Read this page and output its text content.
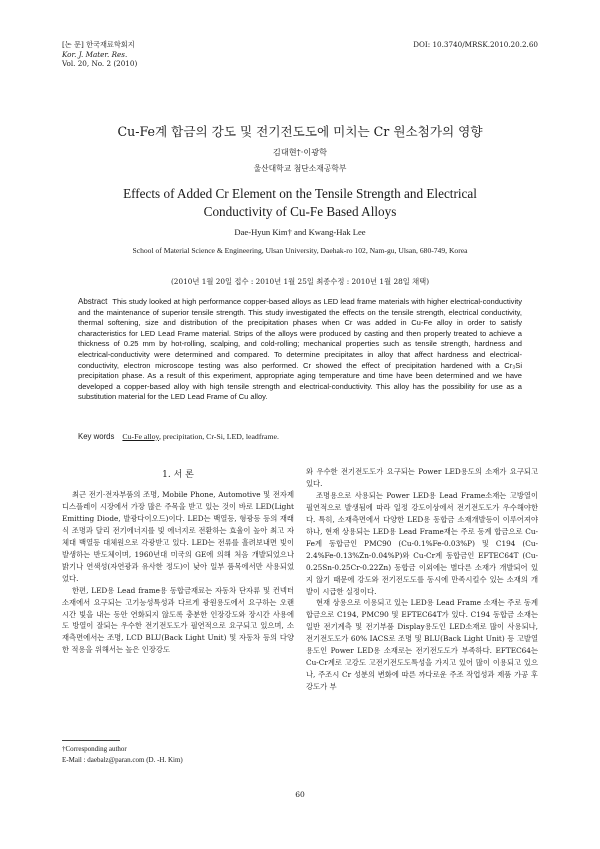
[논 문] 한국재료학회지
Kor. J. Mater. Res.
Vol. 20, No. 2 (2010)
DOI: 10.3740/MRSK.2010.20.2.60
Cu-Fe계 합금의 강도 및 전기전도도에 미치는 Cr 원소첨가의 영향
김대현†·이광학
울산대학교 첨단소재공학부
Effects of Added Cr Element on the Tensile Strength and Electrical
Conductivity of Cu-Fe Based Alloys
Dae-Hyun Kim† and Kwang-Hak Lee
School of Material Science & Engineering, Ulsan University, Daehak-ro 102, Nam-gu, Ulsan, 680-749, Korea
(2010년 1월 20일 접수 : 2010년 1월 25일 최종수정 : 2010년 1월 28일 채택)
Abstract This study looked at high performance copper-based alloys as LED lead frame materials with higher electrical-conductivity and the maintenance of superior tensile strength. This study investigated the effects on the tensile strength, electrical conductivity, thermal softening, size and distribution of the precipitation phases when Cr was added in Cu-Fe alloy in order to satisfy characteristics for LED Lead Frame material. Strips of the alloys were produced by casting and then properly treated to achieve a thickness of 0.25 mm by hot-rolling, scalping, and cold-rolling; mechanical properties such as tensile strength, hardness and electrical-conductivity were determined and compared. To determine precipitates in alloy that affect hardness and electrical-conductivity, electron microscope testing was also performed. Cr showed the effect of precipitation hardened with a Cr₃Si precipitation phase. As a result of this experiment, appropriate aging temperature and time have been determined and we have developed a copper-based alloy with high tensile strength and electrical-conductivity. This alloy has the possibility for use as a substitution material for the LED Lead Frame of Cu alloy.
Key words Cu-Fe alloy, precipitation, Cr-Si, LED, leadframe.
1. 서 론

최근 전기·전자부품의 조명, Mobile Phone, Automotive 및 전자제 디스플레이 시장에서 가장 많은 주목을 받고 있는 것이 바로 LED(Light Emitting Diode, 발광다이오드)이다. LED는 백열등, 형광등 등의 재래식 조명과 달리 전기에너지를 빛 에너지로 전환하는 효율이 높아 최고 자체대 백열등 대체원으로 각광받고 있다. LED는 전류를 흘려보내면 빛이 발생하는 반도체이며, 1960년대 미국의 GE에 의해 처음 개발되었으나 밝기나 연색성(자연광과 유사한 정도)이 낮아 일부 품목에서만 사용되었었다.

한편, LED용 Lead frame용 동합금재료는 자동차 단자류 및 컨넥터소재에서 요구되는 고기능성특성과 다르게 광원용도에서 요구하는 오랜 시간 빛을 내는 동안 연화되지 않도록 충분한 인장강도와 장시간 사용에도 방열이 잘되는 우수한 전기전도도가 필연적으로 요구되고 있으며, 소재측면에서는 조명, LCD BLU(Back Light Unit) 및 자동차 등의 다양한 적용을 위해서는 높은 인장강도

와 우수한 전기전도도가 요구되는 Power LED용도의 소재가 요구되고 있다.

조명용으로 사용되는 Power LED용 Lead Frame소재는 고방열이 필연적으로 발생됨에 따라 일정 강도이상에서 전기전도도가 우수해야한다. 특히, 소재측면에서 다양한 LED용 동합금 소재개발등이 이루어져야하나, 현재 상용되는 LED용 Lead Frame재는 주로 동계 합금으로 Cu-Fe계 동합금인 PMC90 (Cu-0.1%Fe-0.03%P) 및 C194 (Cu-2.4%Fe-0.13%Zn-0.04%P)와 Cu-Cr계 동합금인 EFTEC64T (Cu-0.25Sn-0.25Cr-0.22Zn) 동합금 이외에는 별다른 소재가 개발되어 있지 않기 때문에 강도와 전기전도도를 동시에 만족시킬수 있는 소재의 개발이 시급한 실정이다.

현재 상용으로 이용되고 있는 LED용 Lead Frame 소재는 주로 동계 합금으로 C194, PMC90 및 EFTEC64T가 있다. C194 동합금 소재는 일반 전기계측 및 전기부품 Display용도인 LED소재로 많이 사용되나, 전기전도도가 60% IACS로 조명 및 BLU(Back Light Unit) 등 고발열용도인 Power LED용 소재로는 전기전도도가 부족하다. EFTEC64는 Cu-Cr계로 고강도 고전기전도도특성을 가지고 있어 많이 이용되고 있으나, 주조시 Cr 성분의 변화에 따른 까다로운 주조 작업성과 제품 가공 후 강도가 부

†Corresponding author
E-Mail : daebalz@paran.com (D. -H. Kim)
60
